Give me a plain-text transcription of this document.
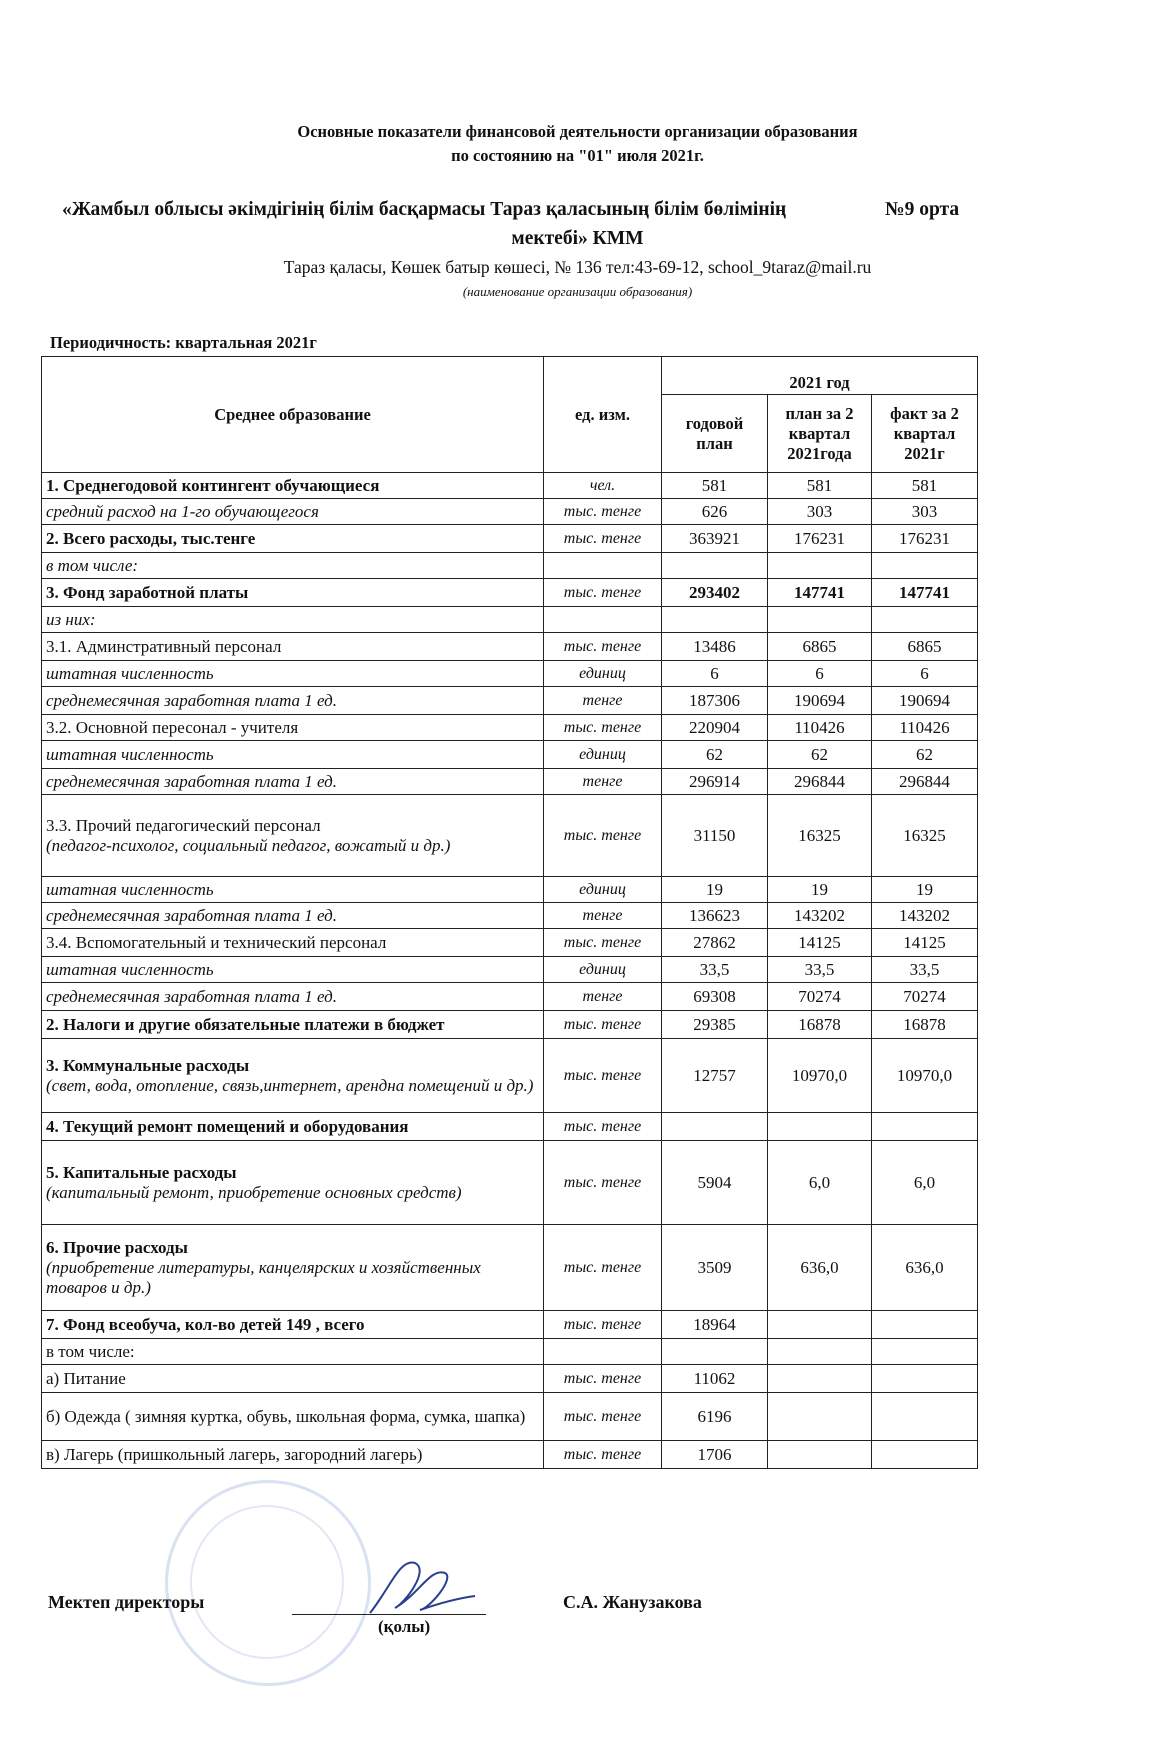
Основные показатели финансовой деятельности организации образования
по состоянию на "01" июля 2021г.
«Жамбыл облысы әкімдігінің білім басқармасы Тараз қаласының білім бөлімінің	№9 орта
мектебі» КММ
Тараз қаласы, Көшек батыр көшесі, № 136 тел:43-69-12, school_9taraz@mail.ru
(наименование организации образования)
Периодичность: квартальная 2021г
Среднее образование	ед. изм.	2021 год		
		годовой план	план за 2 квартал 2021года	факт за 2 квартал 2021г
1. Среднегодовой контингент обучающиеся	чел.	581	581	581
средний расход на 1-го обучающегося	тыс. тенге	626	303	303
2. Всего расходы, тыс.тенге	тыс. тенге	363921	176231	176231
в том числе:				
3. Фонд заработной платы	тыс. тенге	293402	147741	147741
из них:				
3.1. Админстративный персонал	тыс. тенге	13486	6865	6865
штатная численность	единиц	6	6	6
среднемесячная заработная плата 1 ед.	тенге	187306	190694	190694
3.2. Основной пересонал - учителя	тыс. тенге	220904	110426	110426
штатная численность	единиц	62	62	62
среднемесячная заработная плата 1 ед.	тенге	296914	296844	296844
3.3. Прочий педагогический персонал
(педагог-психолог, социальный педагог, вожатый и др.)	тыс. тенге	31150	16325	16325
штатная численность	единиц	19	19	19
среднемесячная заработная плата 1 ед.	тенге	136623	143202	143202
3.4. Вспомогательный и технический персонал	тыс. тенге	27862	14125	14125
штатная численность	единиц	33,5	33,5	33,5
среднемесячная заработная плата 1 ед.	тенге	69308	70274	70274
2. Налоги и другие обязательные платежи в бюджет	тыс. тенге	29385	16878	16878
3. Коммунальные расходы
(свет, вода, отопление, связь,интернет, арендна помещений и др.)	тыс. тенге	12757	10970,0	10970,0
4. Текущий ремонт помещений и оборудования	тыс. тенге			
5. Капитальные расходы
(капитальный ремонт, приобретение основных средств)	тыс. тенге	5904	6,0	6,0
6. Прочие расходы
(приобретение литературы, канцелярских и хозяйственных товаров и др.)	тыс. тенге	3509	636,0	636,0
7. Фонд всеобуча, кол-во детей 149 , всего	тыс. тенге	18964		
в том числе:				
а) Питание	тыс. тенге	11062		
б) Одежда ( зимняя куртка, обувь, школьная форма, сумка, шапка)	тыс. тенге	6196		
в) Лагерь (пришкольный лагерь, загородний лагерь)	тыс. тенге	1706		
Мектеп директоры
(қолы)
С.А. Жанузакова
